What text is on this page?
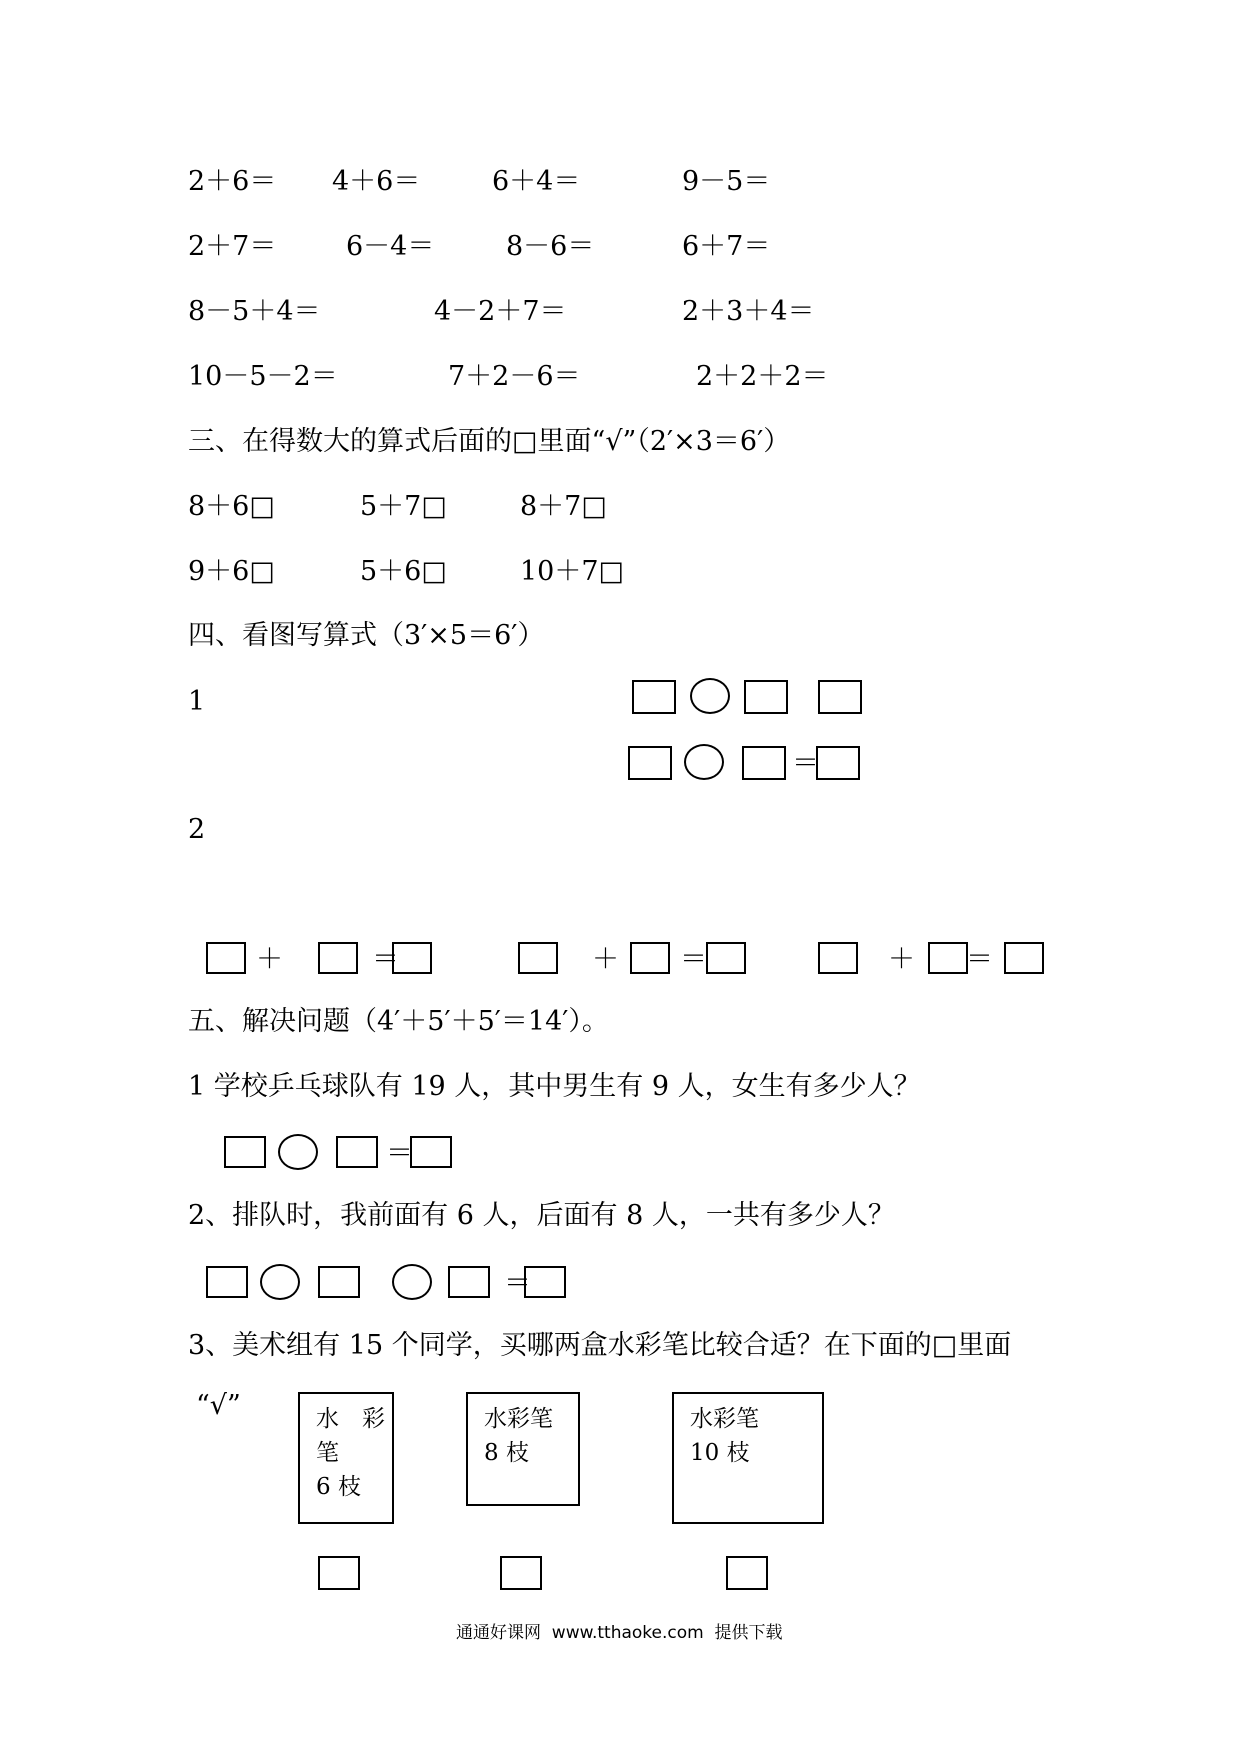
2＋6＝ 4＋6＝	6＋4＝	9－5＝
2＋7＝	6－4＝	8－6＝	6＋7＝
8－5＋4＝	4－2＋7＝	2＋3＋4＝
10－5－2＝	7＋2－6＝	2＋2＋2＝
三、在得数大的算式后面的□里面“√”（2′×3＝6′）
8＋6□	5＋7□	8＋7□
9＋6□	5＋6□	10＋7□
四、看图写算式（3′×5＝6′）
1
＝
2
＋	＝	＋ ＝	＋ ＝
五、解决问题（4′＋5′＋5′＝14′）。
1 学校乒乓球队有 19 人，其中男生有 9 人，女生有多少人？
＝
2、排队时，我前面有 6 人，后面有 8 人，一共有多少人？
＝
3、美术组有 15 个同学，买哪两盒水彩笔比较合适？在下面的□里面
“√”	水　彩
笔
6 枝
水彩笔
8 枝
水彩笔
10 枝
通通好课网  www.tthaoke.com  提供下载
